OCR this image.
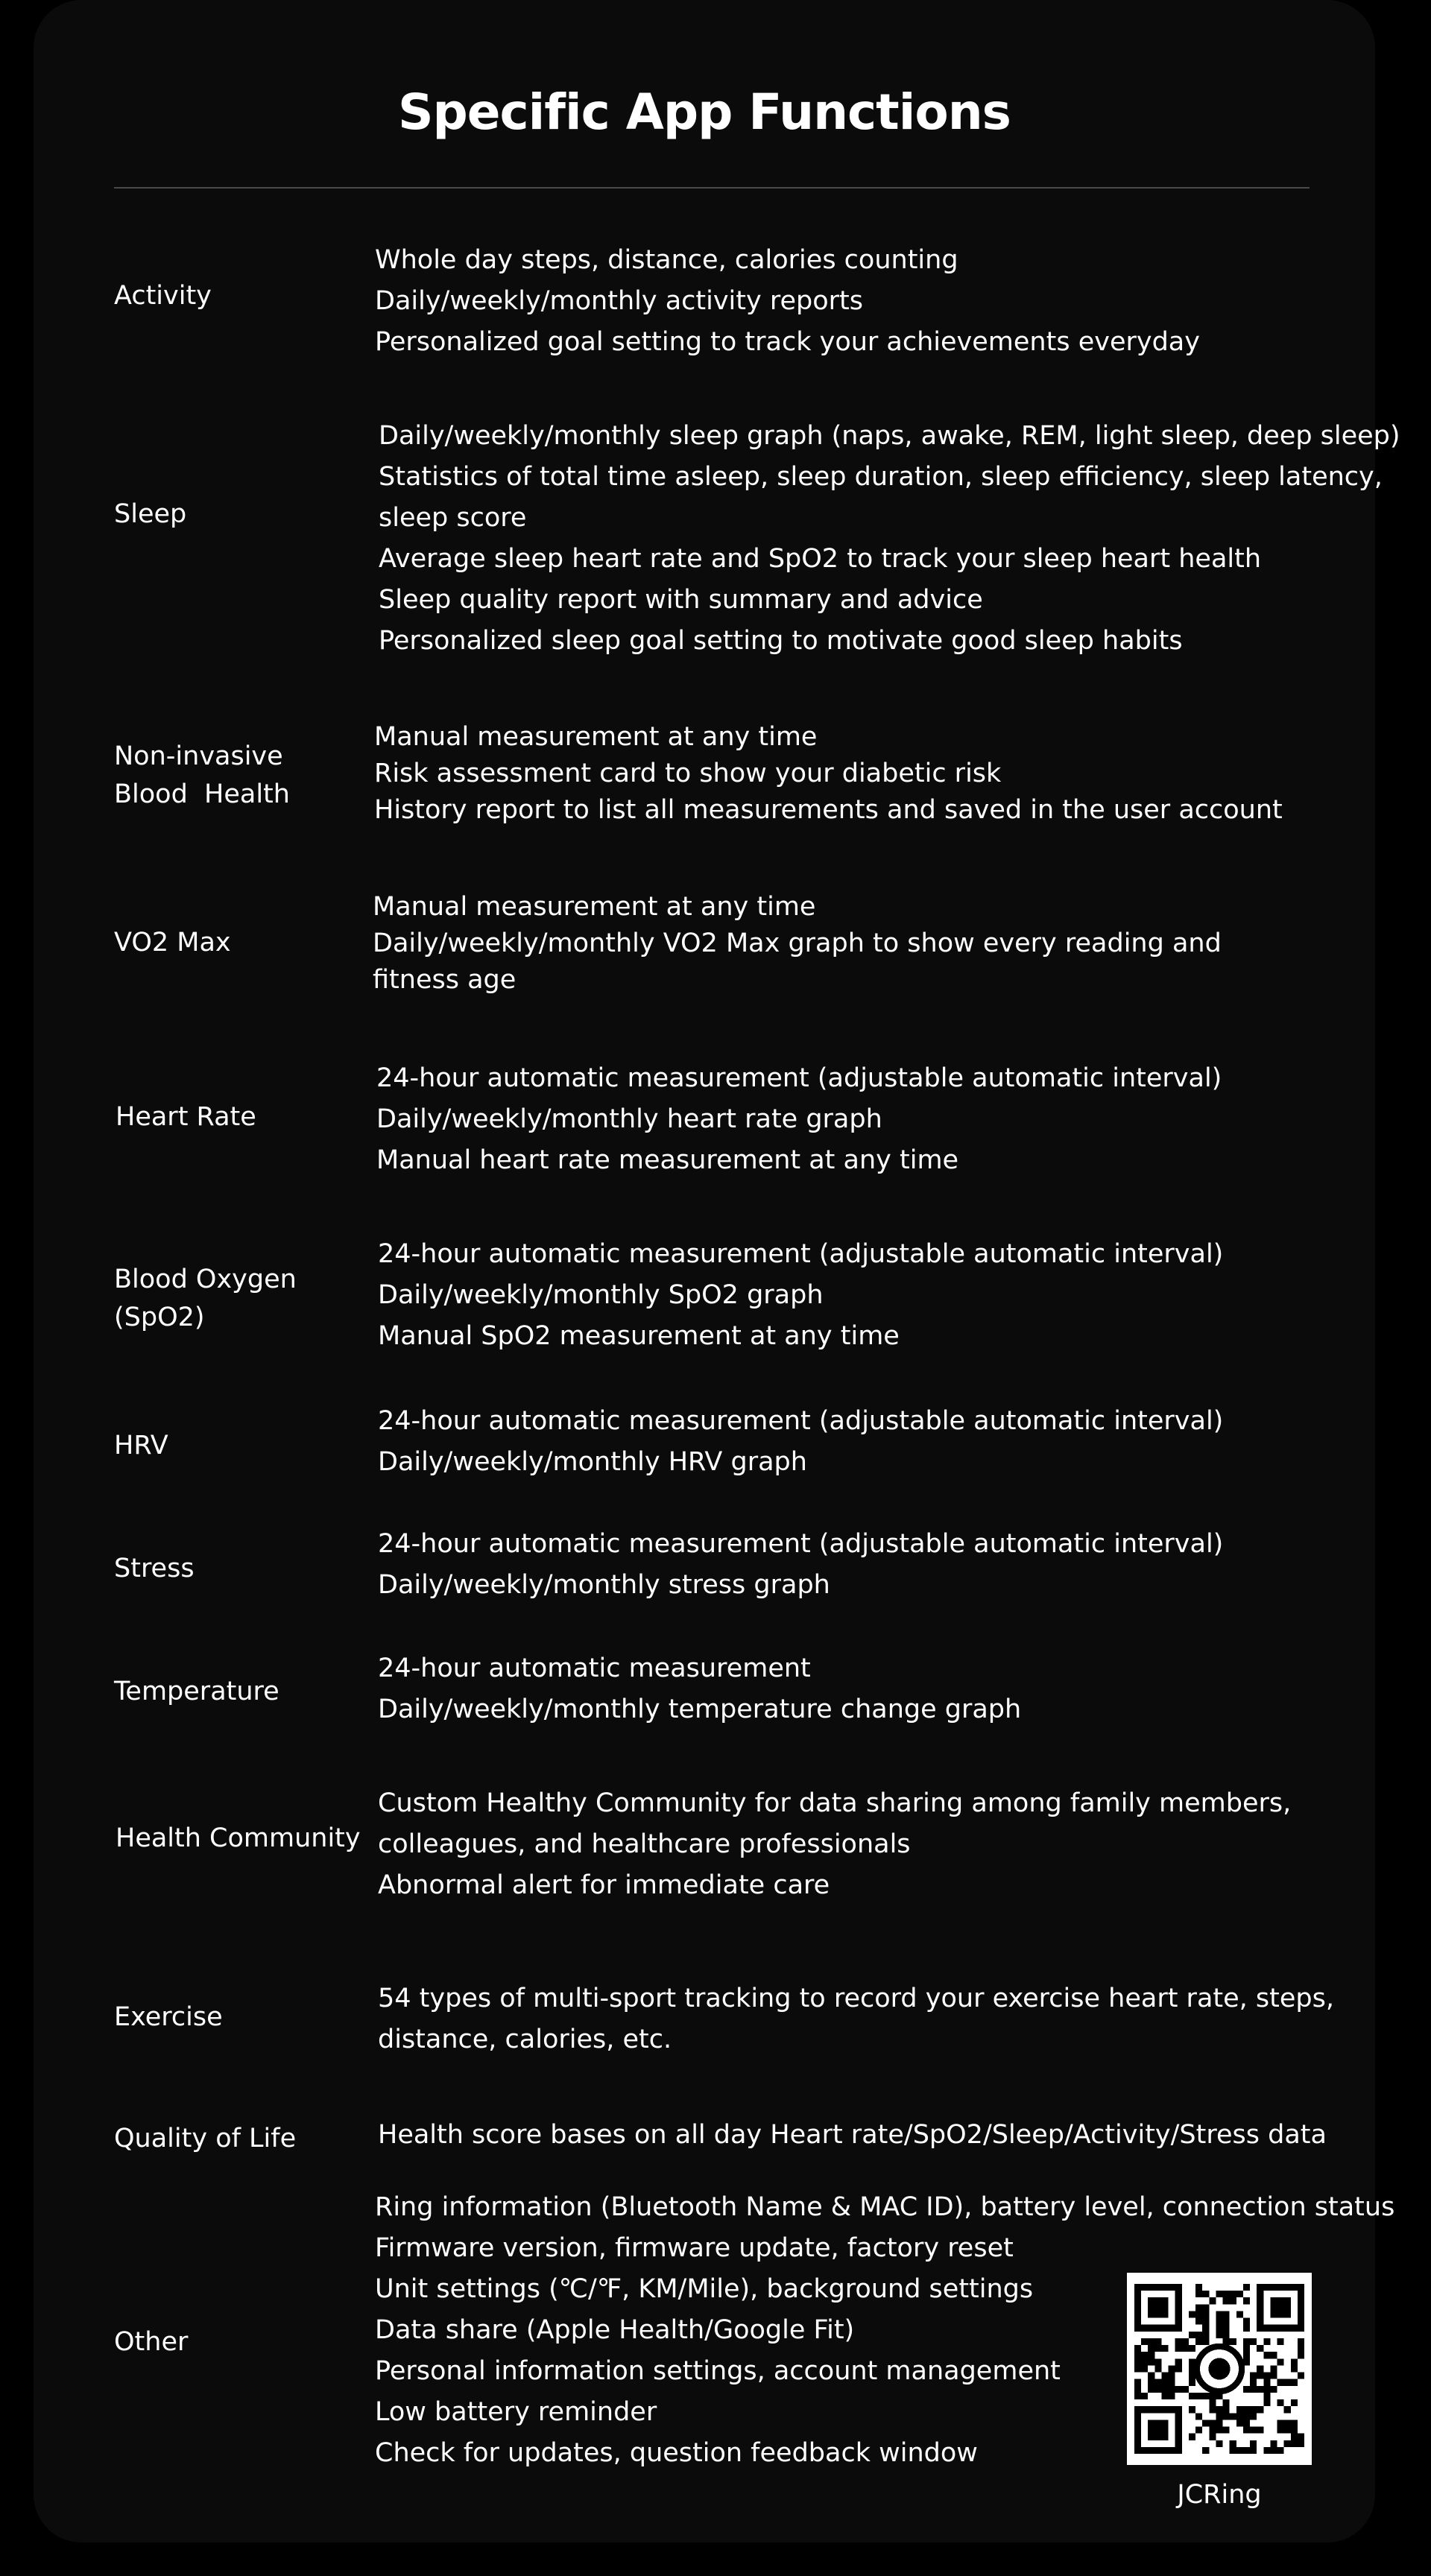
Specific App Functions
Activity
Whole day steps, distance, calories counting
Daily/weekly/monthly activity reports
Personalized goal setting to track your achievements everyday
Sleep
Daily/weekly/monthly sleep graph (naps, awake, REM, light sleep, deep sleep)
Statistics of total time asleep, sleep duration, sleep efficiency, sleep latency,
sleep score
Average sleep heart rate and SpO2 to track your sleep heart health
Sleep quality report with summary and advice
Personalized sleep goal setting to motivate good sleep habits
Non-invasive
Blood  Health
Manual measurement at any time
Risk assessment card to show your diabetic risk
History report to list all measurements and saved in the user account
VO2 Max
Manual measurement at any time
Daily/weekly/monthly VO2 Max graph to show every reading and
fitness age
Heart Rate
24-hour automatic measurement (adjustable automatic interval)
Daily/weekly/monthly heart rate graph
Manual heart rate measurement at any time
Blood Oxygen
(SpO2)
24-hour automatic measurement (adjustable automatic interval)
Daily/weekly/monthly SpO2 graph
Manual SpO2 measurement at any time
HRV
24-hour automatic measurement (adjustable automatic interval)
Daily/weekly/monthly HRV graph
Stress
24-hour automatic measurement (adjustable automatic interval)
Daily/weekly/monthly stress graph
Temperature
24-hour automatic measurement
Daily/weekly/monthly temperature change graph
Health Community
Custom Healthy Community for data sharing among family members,
colleagues, and healthcare professionals
Abnormal alert for immediate care
Exercise
54 types of multi-sport tracking to record your exercise heart rate, steps,
distance, calories, etc.
Quality of Life	Health score bases on all day Heart rate/SpO2/Sleep/Activity/Stress data
Other
Ring information (Bluetooth Name & MAC ID), battery level, connection status
Firmware version, firmware update, factory reset
Unit settings (℃/℉, KM/Mile), background settings
Data share (Apple Health/Google Fit)
Personal information settings, account management
Low battery reminder
Check for updates, question feedback window
JCRing
